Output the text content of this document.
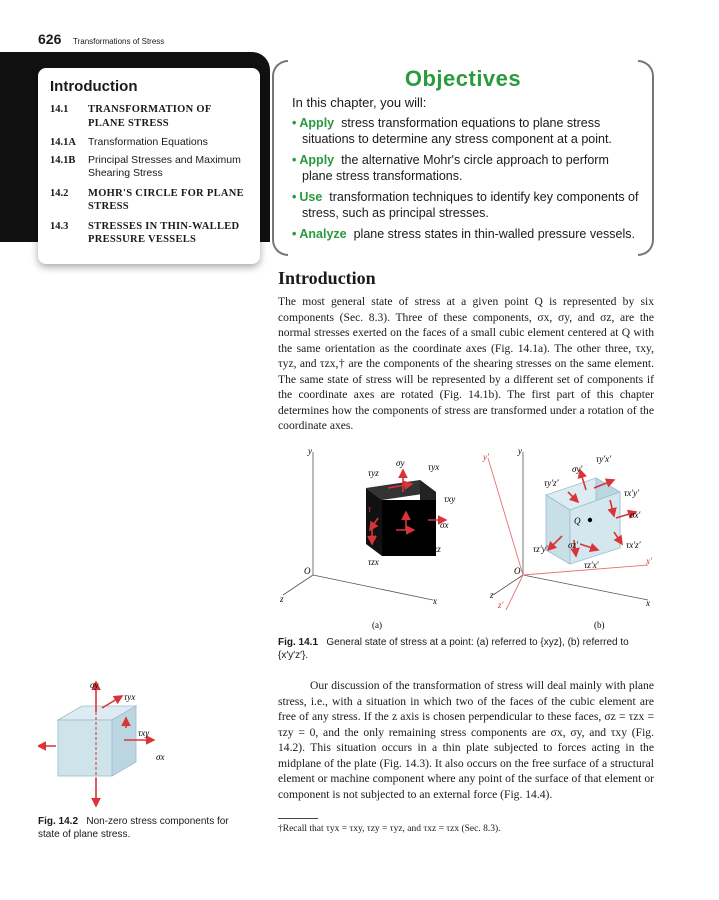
626 Transformations of Stress
Introduction
14.1	TRANSFORMATION OF PLANE STRESS
14.1A	Transformation Equations
14.1B	Principal Stresses and Maximum Shearing Stress
14.2	MOHR'S CIRCLE FOR PLANE STRESS
14.3	STRESSES IN THIN-WALLED PRESSURE VESSELS
Objectives
In this chapter, you will:
• Apply stress transformation equations to plane stress situations to determine any stress component at a point.
• Apply the alternative Mohr's circle approach to perform plane stress transformations.
• Use transformation techniques to identify key components of stress, such as principal stresses.
• Analyze plane stress states in thin-walled pressure vessels.
Introduction
The most general state of stress at a given point Q is represented by six components (Sec. 8.3). Three of these components, σx, σy, and σz, are the normal stresses exerted on the faces of a small cubic element centered at Q with the same orientation as the coordinate axes (Fig. 14.1a). The other three, τxy, τyz, and τzx,† are the components of the shearing stresses on the same element. The same state of stress will be represented by a different set of components if the coordinate axes are rotated (Fig. 14.1b). The first part of this chapter determines how the components of stress are transformed under a rotation of the coordinate axes.
y
x
z
O
σy	τyx
τyz
τxy
σx
τxz
τzx
τ
σz
(a)
y
y′
x
x′
z
z′
O
Q
σy′
τy′x′
τy′z′
τx′y′
σx′
τx′z′
τz′y′ σz′
τz′x′
(b)
Fig. 14.1 General state of stress at a point: (a) referred to {xyz}, (b) referred to {x′y′z′}.
Our discussion of the transformation of stress will deal mainly with plane stress, i.e., with a situation in which two of the faces of the cubic element are free of any stress. If the z axis is chosen perpendicular to these faces, σz = τzx = τzy = 0, and the only remaining stress components are σx, σy, and τxy (Fig. 14.2). This situation occurs in a thin plate subjected to forces acting in the midplane of the plate (Fig. 14.3). It also occurs on the free surface of a structural element or machine component where any point of the surface of that element or component is not subjected to an external force (Fig. 14.4).
σy
τyx
τxy
σx
Fig. 14.2 Non-zero stress components for state of plane stress.	†Recall that τyx = τxy, τzy = τyz, and τxz = τzx (Sec. 8.3).
